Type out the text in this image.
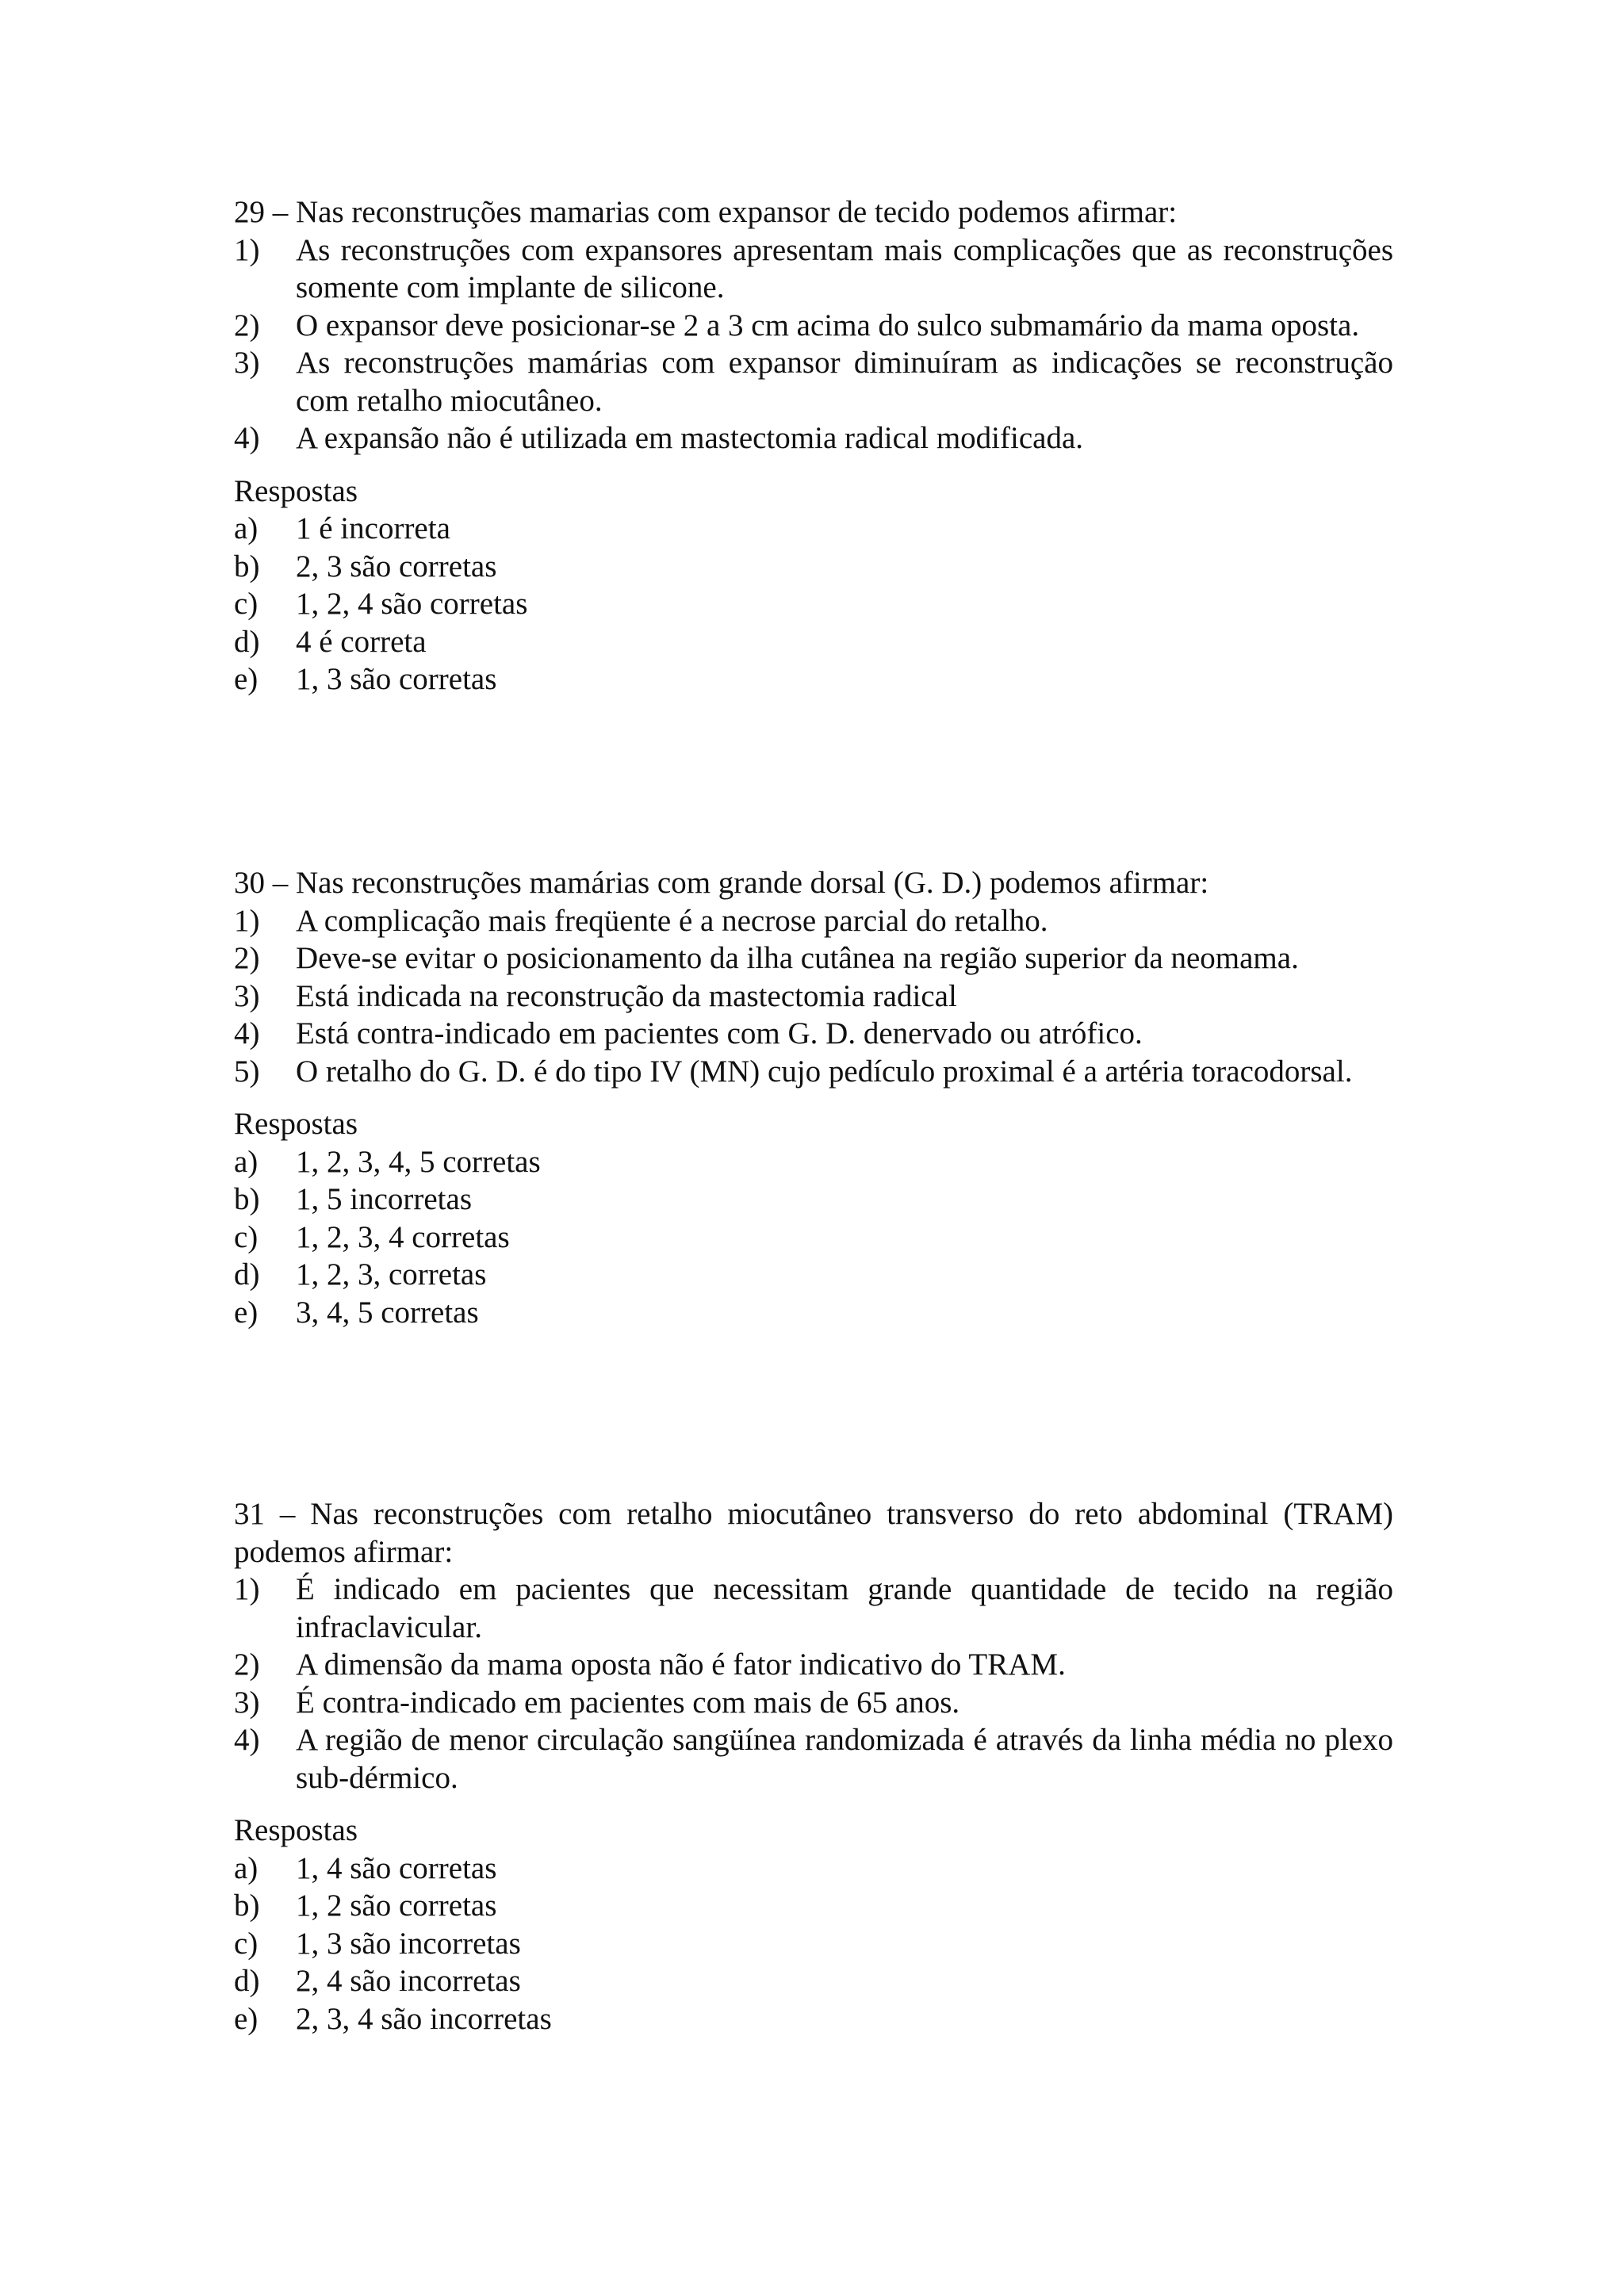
29 – Nas reconstruções mamarias com expansor de tecido podemos afirmar:
1) As reconstruções com expansores apresentam mais complicações que as reconstruções somente com implante de silicone.
2) O expansor deve posicionar-se 2 a 3 cm acima do sulco submamário da mama oposta.
3) As reconstruções mamárias com expansor diminuíram as indicações se reconstrução com retalho miocutâneo.
4) A expansão não é utilizada em mastectomia radical modificada.
Respostas
a) 1 é incorreta
b) 2, 3 são corretas
c) 1, 2, 4 são corretas
d) 4 é correta
e) 1, 3 são corretas
30 – Nas reconstruções mamárias com grande dorsal (G. D.) podemos afirmar:
1) A complicação mais freqüente é a necrose parcial do retalho.
2) Deve-se evitar o posicionamento da ilha cutânea na região superior da neomama.
3) Está indicada na reconstrução da mastectomia radical
4) Está contra-indicado em pacientes com G. D. denervado ou atrófico.
5) O retalho do G. D. é do tipo IV (MN) cujo pedículo proximal é a artéria toracodorsal.
Respostas
a) 1, 2, 3, 4, 5 corretas
b) 1, 5 incorretas
c) 1, 2, 3, 4 corretas
d) 1, 2, 3, corretas
e) 3, 4, 5 corretas
31 – Nas reconstruções com retalho miocutâneo transverso do reto abdominal (TRAM) podemos afirmar:
1) É indicado em pacientes que necessitam grande quantidade de tecido na região infraclavicular.
2) A dimensão da mama oposta não é fator indicativo do TRAM.
3) É contra-indicado em pacientes com mais de 65 anos.
4) A região de menor circulação sangüínea randomizada é através da linha média no plexo sub-dérmico.
Respostas
a) 1, 4 são corretas
b) 1, 2 são corretas
c) 1, 3 são incorretas
d) 2, 4 são incorretas
e) 2, 3, 4 são incorretas
